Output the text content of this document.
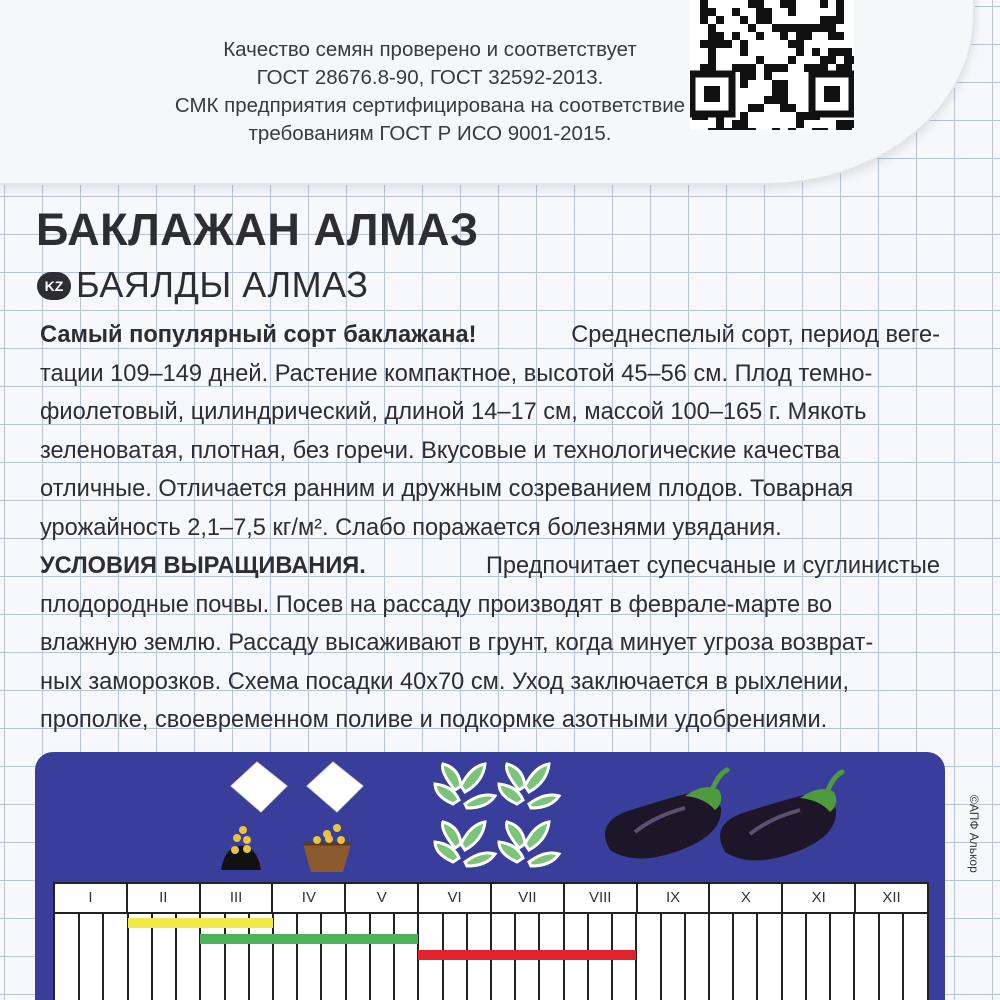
Качество семян проверено и соответствует
ГОСТ 28676.8-90, ГОСТ 32592-2013.
СМК предприятия сертифицирована на соответствие
требованиям ГОСТ Р ИСО 9001-2015.
БАКЛАЖАН АЛМАЗ
KZ БАЯЛДЫ АЛМАЗ
Самый популярный сорт баклажана!	Среднеспелый сорт, период веге-
тации 109–149 дней. Растение компактное, высотой 45–56 см. Плод темно-
фиолетовый, цилиндрический, длиной 14–17 см, массой 100–165 г. Мякоть
зеленоватая, плотная, без горечи. Вкусовые и технологические качества
отличные. Отличается ранним и дружным созреванием плодов. Товарная
урожайность 2,1–7,5 кг/м². Слабо поражается болезнями увядания.
УСЛОВИЯ ВЫРАЩИВАНИЯ.	Предпочитает супесчаные и суглинистые
плодородные почвы. Посев на рассаду производят в феврале-марте во
влажную землю. Рассаду высаживают в грунт, когда минует угроза возврат-
ных заморозков. Схема посадки 40х70 см. Уход заключается в рыхлении,
прополке, своевременном поливе и подкормке азотными удобрениями.
I	II	III	IV	V	VI	VII	VIII	IX	X	XI	XII
©АПФ Алькор
